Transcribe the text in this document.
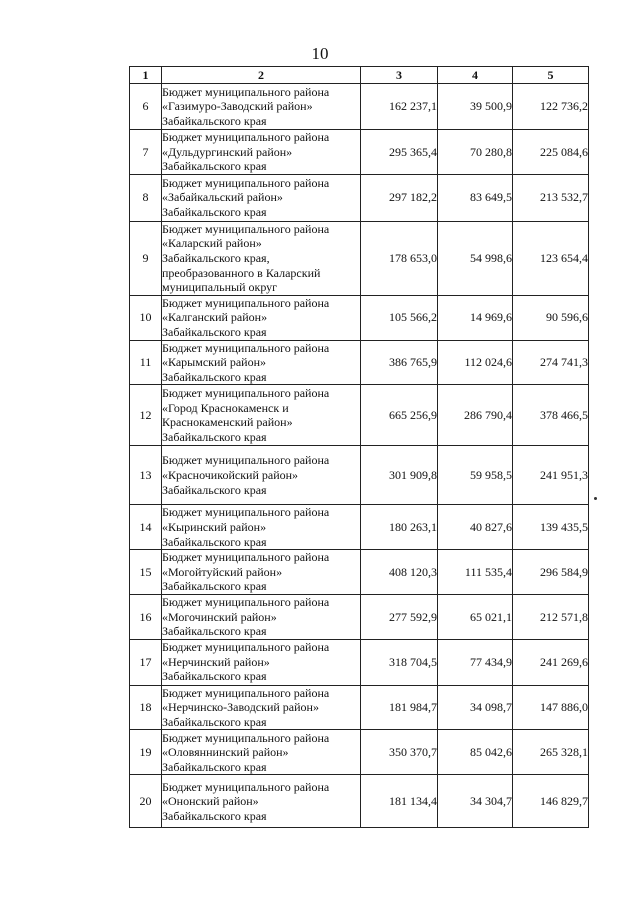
10
1	2	3	4	5
6	Бюджет муниципального района
«Газимуро-Заводский район»
Забайкальского края	162 237,1	39 500,9	122 736,2
7	Бюджет муниципального района
«Дульдургинский район»
Забайкальского края	295 365,4	70 280,8	225 084,6
8	Бюджет муниципального района
«Забайкальский район»
Забайкальского края	297 182,2	83 649,5	213 532,7
9	Бюджет муниципального района
«Каларский район»
Забайкальского края,
преобразованного в Каларский
муниципальный округ	178 653,0	54 998,6	123 654,4
10	Бюджет муниципального района
«Калганский район»
Забайкальского края	105 566,2	14 969,6	90 596,6
11	Бюджет муниципального района
«Карымский район»
Забайкальского края	386 765,9	112 024,6	274 741,3
12	Бюджет муниципального района
«Город Краснокаменск и
Краснокаменский район»
Забайкальского края	665 256,9	286 790,4	378 466,5
13	Бюджет муниципального района
«Красночикойский район»
Забайкальского края	301 909,8	59 958,5	241 951,3
14	Бюджет муниципального района
«Кыринский район»
Забайкальского края	180 263,1	40 827,6	139 435,5
15	Бюджет муниципального района
«Могойтуйский район»
Забайкальского края	408 120,3	111 535,4	296 584,9
16	Бюджет муниципального района
«Могочинский район»
Забайкальского края	277 592,9	65 021,1	212 571,8
17	Бюджет муниципального района
«Нерчинский район»
Забайкальского края	318 704,5	77 434,9	241 269,6
18	Бюджет муниципального района
«Нерчинско-Заводский район»
Забайкальского края	181 984,7	34 098,7	147 886,0
19	Бюджет муниципального района
«Оловяннинский район»
Забайкальского края	350 370,7	85 042,6	265 328,1
20	Бюджет муниципального района
«Ононский район»
Забайкальского края	181 134,4	34 304,7	146 829,7
